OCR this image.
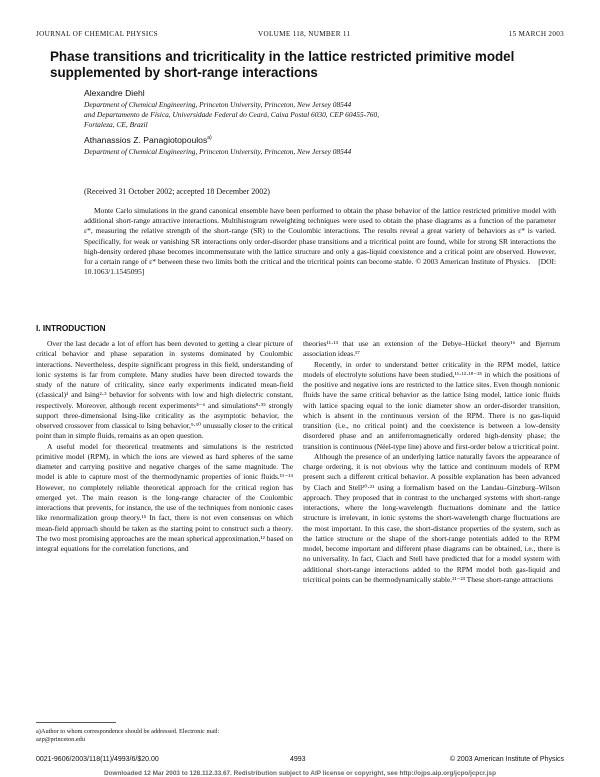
JOURNAL OF CHEMICAL PHYSICS	VOLUME 118, NUMBER 11	15 MARCH 2003
Phase transitions and tricriticality in the lattice restricted primitive model supplemented by short-range interactions
Alexandre Diehl
Department of Chemical Engineering, Princeton University, Princeton, New Jersey 08544
and Departamento de Física, Universidade Federal do Ceará, Caixa Postal 6030, CEP 60455-760,
Fortaleza, CE, Brazil
Athanassios Z. Panagiotopoulos$^{a)}$
Department of Chemical Engineering, Princeton University, Princeton, New Jersey 08544
(Received 31 October 2002; accepted 18 December 2002)

Monte Carlo simulations in the grand canonical ensemble have been performed to obtain the phase behavior of the lattice restricted primitive model with additional short-range attractive interactions. Multihistogram reweighting techniques were used to obtain the phase diagrams as a function of the parameter ε*, measuring the relative strength of the short-range (SR) to the Coulombic interactions. The results reveal a great variety of behaviors as ε* is varied. Specifically, for weak or vanishing SR interactions only order-disorder phase transitions and a tricritical point are found, while for strong SR interactions the high-density ordered phase becomes incommensurate with the lattice structure and only a gas-liquid coexistence and a critical point are observed. However, for a certain range of ε* between these two limits both the critical and the tricritical points can become stable. © 2003 American Institute of Physics. [DOI: 10.1063/1.1545095]

I. INTRODUCTION

Over the last decade a lot of effort has been devoted to getting a clear picture of critical behavior and phase separation in systems dominated by Coulombic interactions. Nevertheless, despite significant progress in this field, understanding of ionic systems is far from complete. Many studies have been directed towards the study of the nature of criticality, since early experiments indicated mean-field (classical)¹ and Ising²·³ behavior for solvents with low and high dielectric constant, respectively. Moreover, although recent experiments⁴⁻⁶ and simulations⁸·³⁵ strongly support three-dimensional Ising-like criticality as the asymptotic behavior, the observed crossover from classical to Ising behavior,⁹·¹⁰ unusually closer to the critical point than in simple fluids, remains as an open question.

A useful model for theoretical treatments and simulations is the restricted primitive model (RPM), in which the ions are viewed as hard spheres of the same diameter and carrying positive and negative charges of the same magnitude. The model is able to capture most of the thermodynamic properties of ionic fluids.¹¹⁻¹⁴ However, no completely reliable theoretical approach for the critical region has emerged yet. The main reason is the long-range character of the Coulombic interactions that prevents, for instance, the use of the techniques from nonionic cases like renormalization group theory.¹⁵ In fact, there is not even consensus on which mean-field approach should be taken as the starting point to construct such a theory. The two most promising approaches are the mean spherical approximation,¹² based on integral equations for the correlation functions, and

theories¹¹·¹³ that use an extension of the Debye–Hückel theory¹⁶ and Bjerrum association ideas.¹⁷

Recently, in order to understand better criticality in the RPM model, lattice models of electrolyte solutions have been studied,¹¹·¹²·¹⁸⁻²⁵ in which the positions of the positive and negative ions are restricted to the lattice sites. Even though nonionic fluids have the same critical behavior as the lattice Ising model, lattice ionic fluids with lattice spacing equal to the ionic diameter show an order-disorder transition, which is absent in the continuous version of the RPM. There is no gas-liquid transition (i.e., no critical point) and the coexistence is between a low-density disordered phase and an antiferromagnetically ordered high-density phase; the transition is continuous (Néel-type line) above and first-order below a tricritical point.

Although the presence of an underlying lattice naturally favors the appearance of charge ordering, it is not obvious why the lattice and continuum models of RPM present such a different critical behavior. A possible explanation has been advanced by Ciach and Stell²⁰·²¹ using a formalism based on the Landau–Ginzburg–Wilson approach. They proposed that in contrast to the uncharged systems with short-range interactions, where the long-wavelength fluctuations dominate and the lattice structure is irrelevant, in ionic systems the short-wavelength charge fluctuations are the most important. In this case, the short-distance properties of the system, such as the lattice structure or the shape of the short-range potentials added to the RPM model, become important and different phase diagrams can be obtained, i.e., there is no universality. In fact, Ciach and Stell have predicted that for a model system with additional short-range interactions added to the RPM model both gas-liquid and tricritical points can be thermodynamically stable.²¹⁻²³ These short-range attractions

a)Author to whom correspondence should be addressed. Electronic mail:
azp@princeton.edu
0021-9606/2003/118(11)/4993/6/$20.00	4993	© 2003 American Institute of Physics
Downloaded 12 Mar 2003 to 128.112.33.67. Redistribution subject to AIP license or copyright, see http://ojps.aip.org/jcpo/jcpcr.jsp
